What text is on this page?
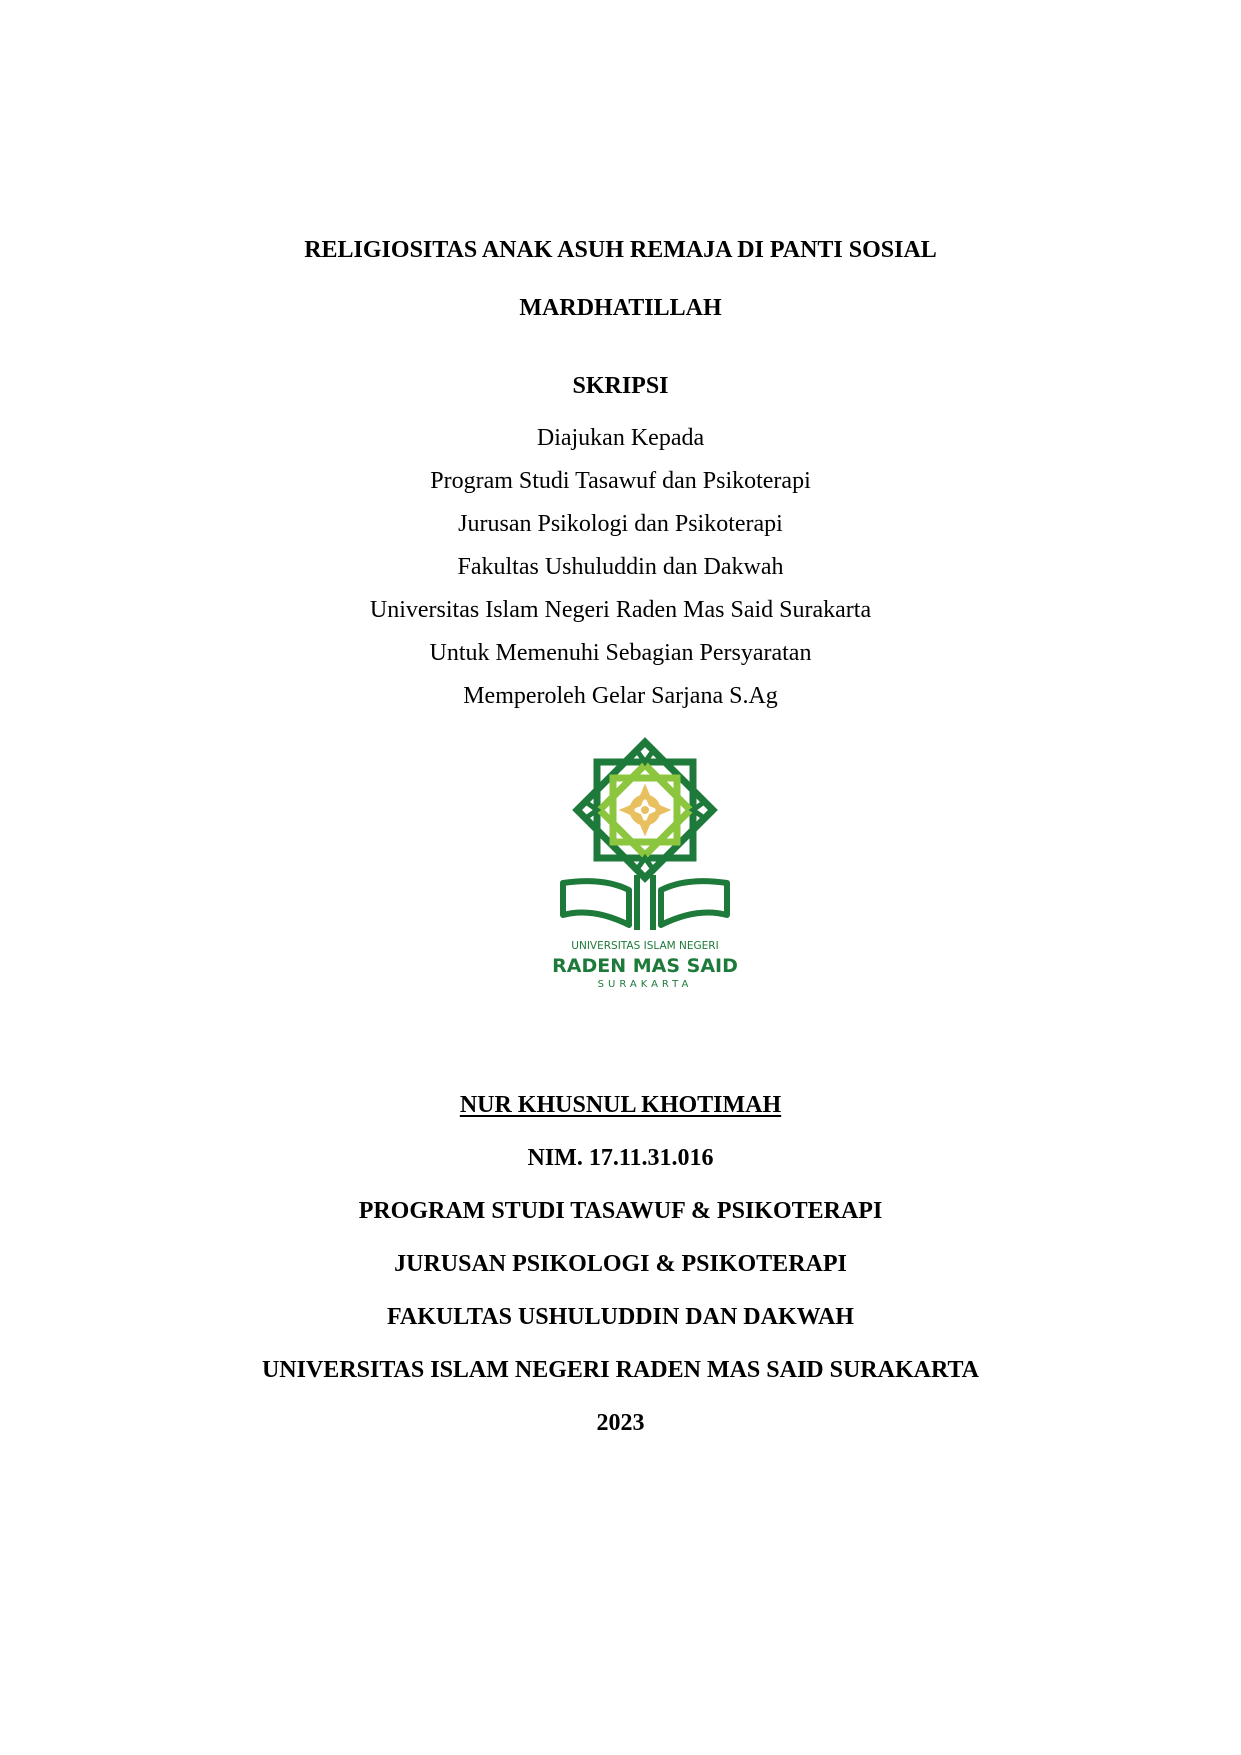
RELIGIOSITAS ANAK ASUH REMAJA DI PANTI SOSIAL
MARDHATILLAH
SKRIPSI
Diajukan Kepada
Program Studi Tasawuf dan Psikoterapi
Jurusan Psikologi dan Psikoterapi
Fakultas Ushuluddin dan Dakwah
Universitas Islam Negeri Raden Mas Said Surakarta
Untuk Memenuhi Sebagian Persyaratan
Memperoleh Gelar Sarjana S.Ag
UNIVERSITAS ISLAM NEGERI
RADEN MAS SAID
SURAKARTA
NUR KHUSNUL KHOTIMAH
NIM. 17.11.31.016
PROGRAM STUDI TASAWUF & PSIKOTERAPI
JURUSAN PSIKOLOGI & PSIKOTERAPI
FAKULTAS USHULUDDIN DAN DAKWAH
UNIVERSITAS ISLAM NEGERI RADEN MAS SAID SURAKARTA
2023
